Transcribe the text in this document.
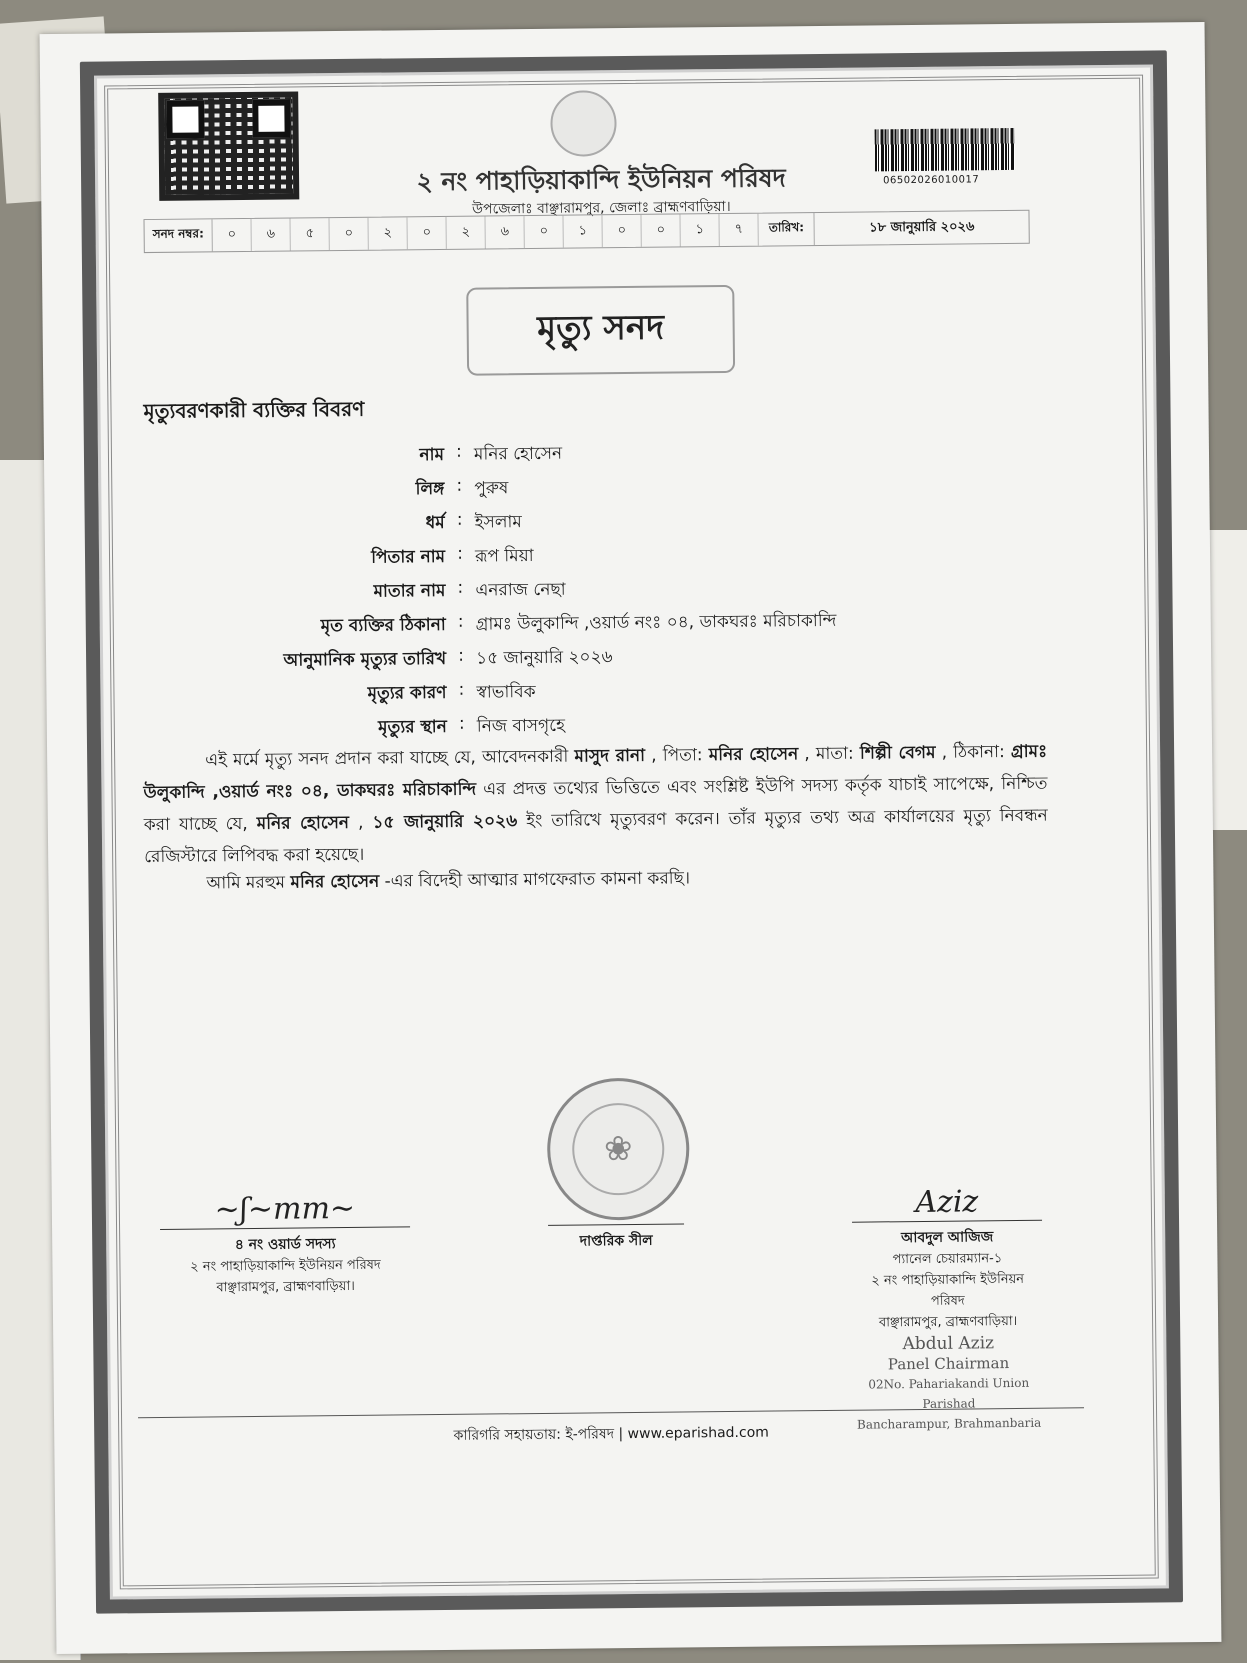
06502026010017
২ নং পাহাড়িয়াকান্দি ইউনিয়ন পরিষদ
উপজেলাঃ বাঞ্ছারামপুর, জেলাঃ ব্রাহ্মণবাড়িয়া।
সনদ নম্বর:	০	৬	৫	০	২	০	২	৬	০	১	০	০	১	৭	তারিখ:	১৮ জানুয়ারি ২০২৬
মৃত্যু সনদ
মৃত্যুবরণকারী ব্যক্তির বিবরণ
নাম : মনির হোসেন
লিঙ্গ : পুরুষ
ধর্ম : ইসলাম
পিতার নাম : রূপ মিয়া
মাতার নাম : এনরাজ নেছা
মৃত ব্যক্তির ঠিকানা : গ্রামঃ উলুকান্দি ,ওয়ার্ড নংঃ ০৪, ডাকঘরঃ মরিচাকান্দি
আনুমানিক মৃত্যুর তারিখ : ১৫ জানুয়ারি ২০২৬
মৃত্যুর কারণ : স্বাভাবিক
মৃত্যুর স্থান : নিজ বাসগৃহে
এই মর্মে মৃত্যু সনদ প্রদান করা যাচ্ছে যে, আবেদনকারী মাসুদ রানা , পিতা: মনির হোসেন , মাতা: শিল্পী বেগম , ঠিকানা: গ্রামঃ উলুকান্দি ,ওয়ার্ড নংঃ ০৪, ডাকঘরঃ মরিচাকান্দি এর প্রদত্ত তথ্যের ভিত্তিতে এবং সংশ্লিষ্ট ইউপি সদস্য কর্তৃক যাচাই সাপেক্ষে, নিশ্চিত করা যাচ্ছে যে, মনির হোসেন , ১৫ জানুয়ারি ২০২৬ ইং তারিখে মৃত্যুবরণ করেন। তাঁর মৃত্যুর তথ্য অত্র কার্যালয়ের মৃত্যু নিবন্ধন রেজিস্টারে লিপিবদ্ধ করা হয়েছে।
আমি মরহুম মনির হোসেন -এর বিদেহী আত্মার মাগফেরাত কামনা করছি।
❀
~ʃ~mm~
৪ নং ওয়ার্ড সদস্য
২ নং পাহাড়িয়াকান্দি ইউনিয়ন পরিষদ
বাঞ্ছারামপুর, ব্রাহ্মণবাড়িয়া।
দাপ্তরিক সীল
Aziz
আবদুল আজিজ
প্যানেল চেয়ারম্যান-১
২ নং পাহাড়িয়াকান্দি ইউনিয়ন পরিষদ
বাঞ্ছারামপুর, ব্রাহ্মণবাড়িয়া।
Abdul Aziz
Panel Chairman
02No. Pahariakandi Union Parishad
Bancharampur, Brahmanbaria
কারিগরি সহায়তায়: ই-পরিষদ | www.eparishad.com
